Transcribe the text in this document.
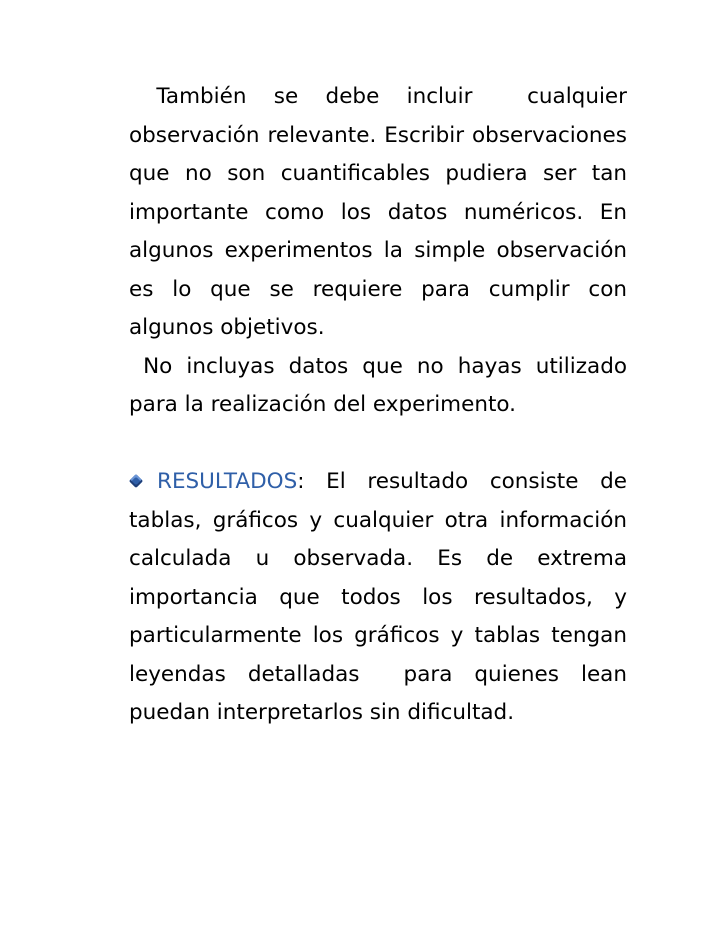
También se debe incluir  cualquier observación relevante. Escribir observaciones que no son cuantificables pudiera ser tan importante como los datos numéricos. En algunos experimentos la simple observación es lo que se requiere para cumplir con algunos objetivos.

No incluyas datos que no hayas utilizado para la realización del experimento.

RESULTADOS: El resultado consiste de tablas, gráficos y cualquier otra información calculada u observada. Es de extrema importancia que todos los resultados, y particularmente los gráficos y tablas tengan leyendas detalladas  para quienes lean puedan interpretarlos sin dificultad.
